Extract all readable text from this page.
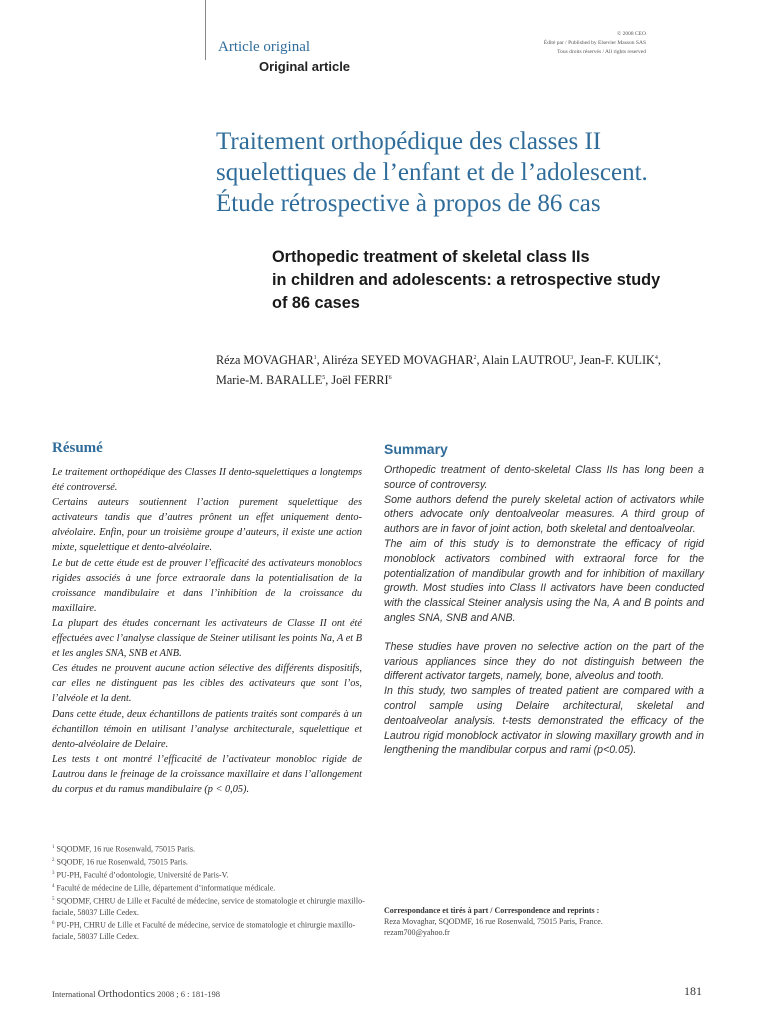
© 2008 CEO
Édité par / Published by Elsevier Masson SAS
Tous droits réservés / All rights reserved
Article original
Original article
Traitement orthopédique des classes II
squelettiques de l’enfant et de l’adolescent.
Étude rétrospective à propos de 86 cas
Orthopedic treatment of skeletal class IIs
in children and adolescents: a retrospective study
of 86 cases
Réza MOVAGHAR$^1$, Aliréza SEYED MOVAGHAR$^2$, Alain LAUTROU$^3$, Jean-F. KULIK$^4$,
Marie-M. BARALLE$^5$, Joël FERRI$^6$
Résumé

Le traitement orthopédique des Classes II dento-squelettiques a longtemps été controversé.

Certains auteurs soutiennent l’action purement squelettique des activateurs tandis que d’autres prônent un effet uniquement dento-alvéolaire. Enfin, pour un troisième groupe d’auteurs, il existe une action mixte, squelettique et dento-alvéolaire.

Le but de cette étude est de prouver l’efficacité des activateurs monoblocs rigides associés à une force extraorale dans la potentialisation de la croissance mandibulaire et dans l’inhibition de la croissance du maxillaire.

La plupart des études concernant les activateurs de Classe II ont été effectuées avec l’analyse classique de Steiner utilisant les points Na, A et B et les angles SNA, SNB et ANB.

Ces études ne prouvent aucune action sélective des différents dispositifs, car elles ne distinguent pas les cibles des activateurs que sont l’os, l’alvéole et la dent.

Dans cette étude, deux échantillons de patients traités sont comparés à un échantillon témoin en utilisant l’analyse architecturale, squelettique et dento-alvéolaire de Delaire.

Les tests t ont montré l’efficacité de l’activateur monobloc rigide de Lautrou dans le freinage de la croissance maxillaire et dans l’allongement du corpus et du ramus mandibulaire (p < 0,05).

Summary

Orthopedic treatment of dento-skeletal Class IIs has long been a source of controversy.

Some authors defend the purely skeletal action of activators while others advocate only dentoalveolar measures. A third group of authors are in favor of joint action, both skeletal and dentoalveolar.

The aim of this study is to demonstrate the efficacy of rigid monoblock activators combined with extraoral force for the potentialization of mandibular growth and for inhibition of maxillary growth. Most studies into Class II activators have been conducted with the classical Steiner analysis using the Na, A and B points and angles SNA, SNB and ANB.

These studies have proven no selective action on the part of the various appliances since they do not distinguish between the different activator targets, namely, bone, alveolus and tooth.

In this study, two samples of treated patient are compared with a control sample using Delaire architectural, skeletal and dentoalveolar analysis. t-tests demonstrated the efficacy of the Lautrou rigid monoblock activator in slowing maxillary growth and in lengthening the mandibular corpus and rami (p<0.05).

$^1$ SQODMF, 16 rue Rosenwald, 75015 Paris.
$^2$ SQODF, 16 rue Rosenwald, 75015 Paris.
$^3$ PU-PH, Faculté d’odontologie, Université de Paris-V.
$^4$ Faculté de médecine de Lille, département d’informatique médicale.
$^5$ SQODMF, CHRU de Lille et Faculté de médecine, service de stomatologie et chirurgie maxillo-faciale, 58037 Lille Cedex.
$^6$ PU-PH, CHRU de Lille et Faculté de médecine, service de stomatologie et chirurgie maxillo-faciale, 58037 Lille Cedex.
Correspondance et tirés à part / Correspondence and reprints :
Reza Movaghar, SQODMF, 16 rue Rosenwald, 75015 Paris, France.
rezam700@yahoo.fr
International Orthodontics 2008 ; 6 : 181-198	181
